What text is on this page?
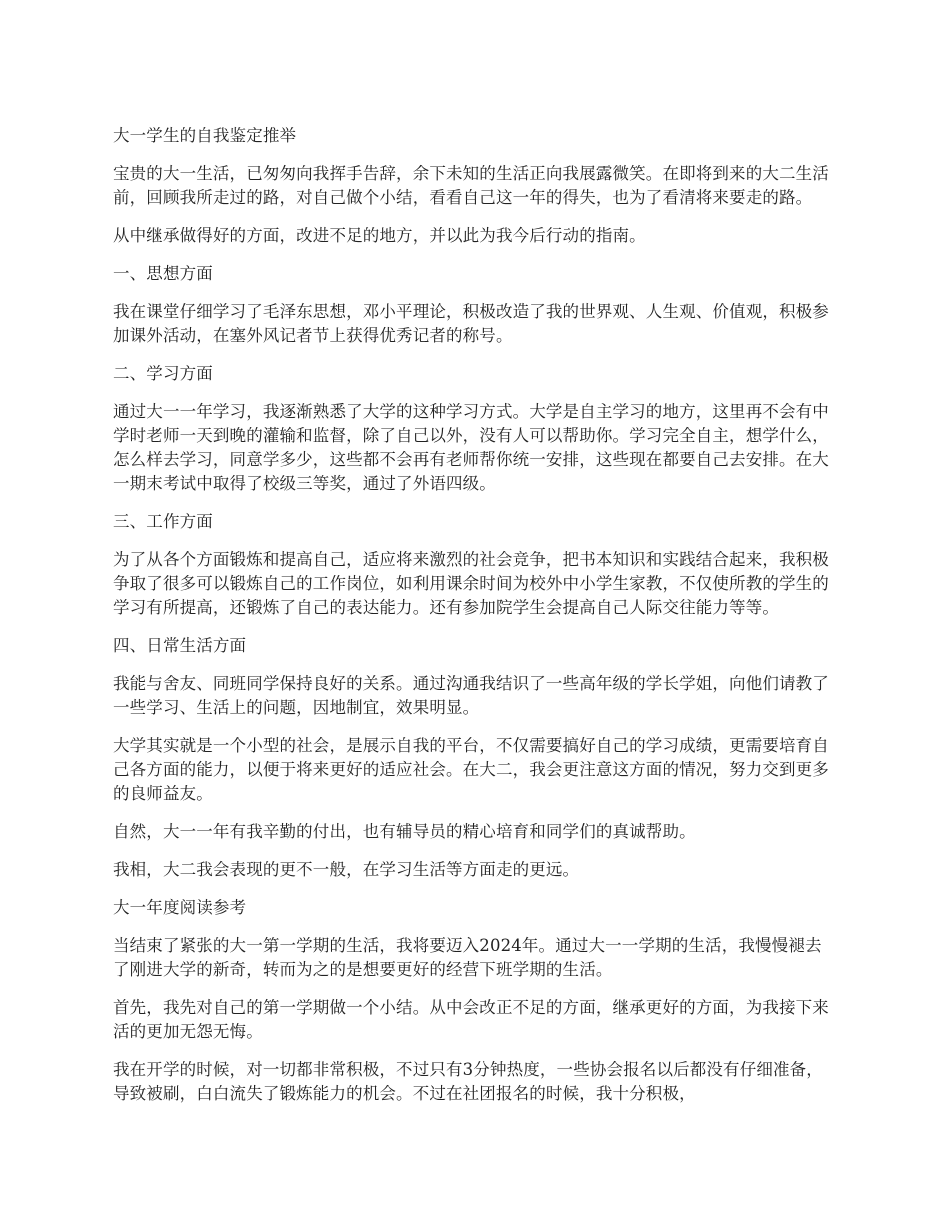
大一学生的自我鉴定推举

宝贵的大一生活，已匆匆向我挥手告辞，余下未知的生活正向我展露微笑。在即将到来的大二生活前，回顾我所走过的路，对自己做个小结，看看自己这一年的得失，也为了看清将来要走的路。

从中继承做得好的方面，改进不足的地方，并以此为我今后行动的指南。

一、思想方面

我在课堂仔细学习了毛泽东思想，邓小平理论，积极改造了我的世界观、人生观、价值观，积极参加课外活动，在塞外风记者节上获得优秀记者的称号。

二、学习方面

通过大一一年学习，我逐渐熟悉了大学的这种学习方式。大学是自主学习的地方，这里再不会有中学时老师一天到晚的灌输和监督，除了自己以外，没有人可以帮助你。学习完全自主，想学什么，怎么样去学习，同意学多少，这些都不会再有老师帮你统一安排，这些现在都要自己去安排。在大一期末考试中取得了校级三等奖，通过了外语四级。

三、工作方面

为了从各个方面锻炼和提高自己，适应将来激烈的社会竞争，把书本知识和实践结合起来，我积极争取了很多可以锻炼自己的工作岗位，如利用课余时间为校外中小学生家教，不仅使所教的学生的学习有所提高，还锻炼了自己的表达能力。还有参加院学生会提高自己人际交往能力等等。

四、日常生活方面

我能与舍友、同班同学保持良好的关系。通过沟通我结识了一些高年级的学长学姐，向他们请教了一些学习、生活上的问题，因地制宜，效果明显。

大学其实就是一个小型的社会，是展示自我的平台，不仅需要搞好自己的学习成绩，更需要培育自己各方面的能力，以便于将来更好的适应社会。在大二，我会更注意这方面的情况，努力交到更多的良师益友。

自然，大一一年有我辛勤的付出，也有辅导员的精心培育和同学们的真诚帮助。

我相，大二我会表现的更不一般，在学习生活等方面走的更远。

大一年度阅读参考

当结束了紧张的大一第一学期的生活，我将要迈入2024年。通过大一一学期的生活，我慢慢褪去了刚进大学的新奇，转而为之的是想要更好的经营下班学期的生活。

首先，我先对自己的第一学期做一个小结。从中会改正不足的方面，继承更好的方面，为我接下来活的更加无怨无悔。

我在开学的时候，对一切都非常积极，不过只有3分钟热度，一些协会报名以后都没有仔细准备，导致被刷，白白流失了锻炼能力的机会。不过在社团报名的时候，我十分积极，
